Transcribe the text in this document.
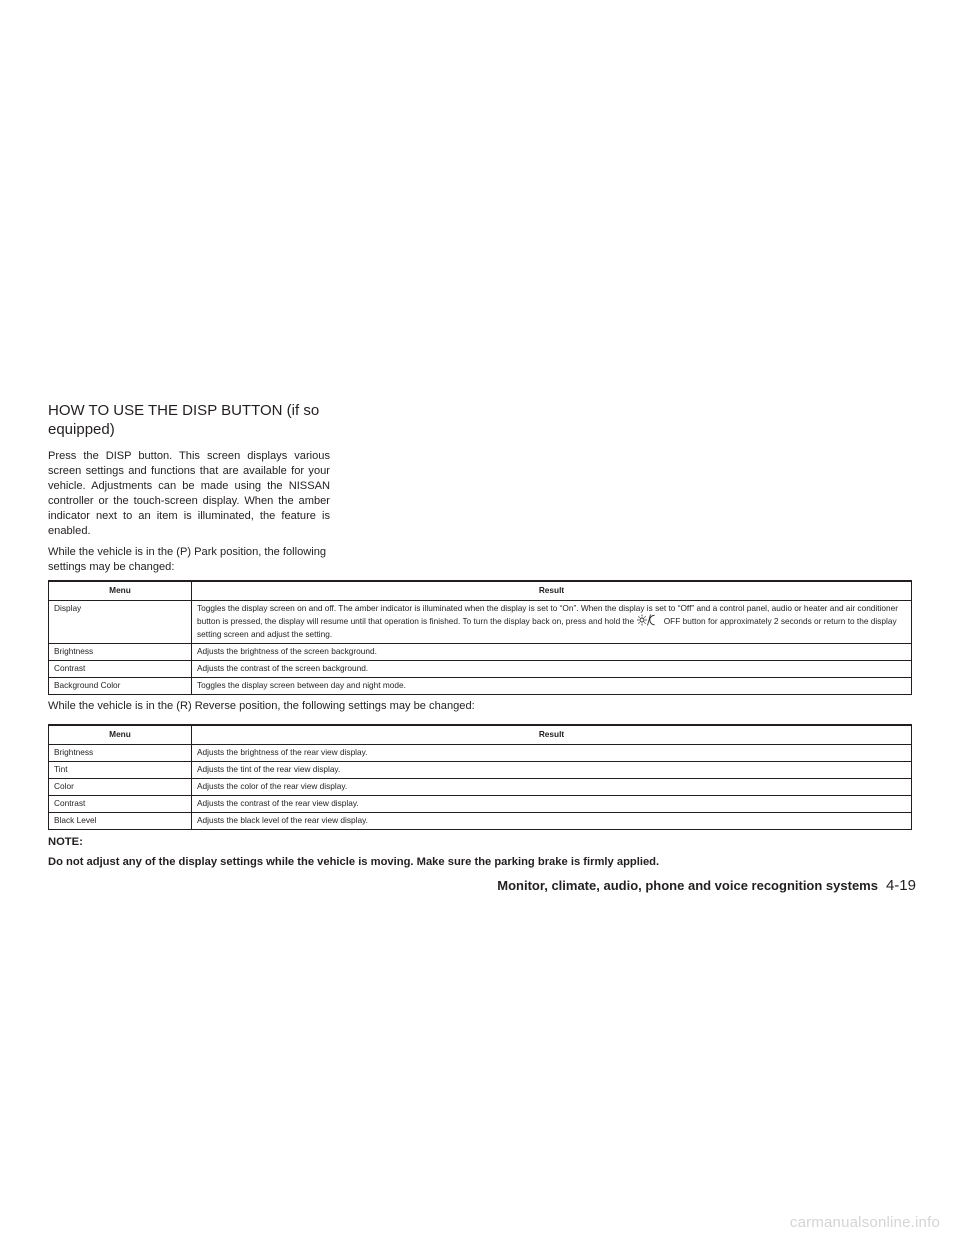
HOW TO USE THE DISP BUTTON (if so equipped)

Press the DISP button. This screen displays various screen settings and functions that are available for your vehicle. Adjustments can be made using the NISSAN controller or the touch-screen display. When the amber indicator next to an item is illuminated, the feature is enabled.

While the vehicle is in the (P) Park position, the following settings may be changed:

Menu	Result
Display	Toggles the display screen on and off. The amber indicator is illuminated when the display is set to “On”. When the display is set to “Off” and a control panel, audio or heater and air conditioner button is pressed, the display will resume until that operation is finished. To turn the display back on, press and hold the OFF button for approximately 2 seconds or return to the display setting screen and adjust the setting.
Brightness	Adjusts the brightness of the screen background.
Contrast	Adjusts the contrast of the screen background.
Background Color	Toggles the display screen between day and night mode.

While the vehicle is in the (R) Reverse position, the following settings may be changed:

Menu	Result
Brightness	Adjusts the brightness of the rear view display.
Tint	Adjusts the tint of the rear view display.
Color	Adjusts the color of the rear view display.
Contrast	Adjusts the contrast of the rear view display.
Black Level	Adjusts the black level of the rear view display.

NOTE:

Do not adjust any of the display settings while the vehicle is moving. Make sure the parking brake is firmly applied.

Monitor, climate, audio, phone and voice recognition systems 4-19
carmanualsonline.info
